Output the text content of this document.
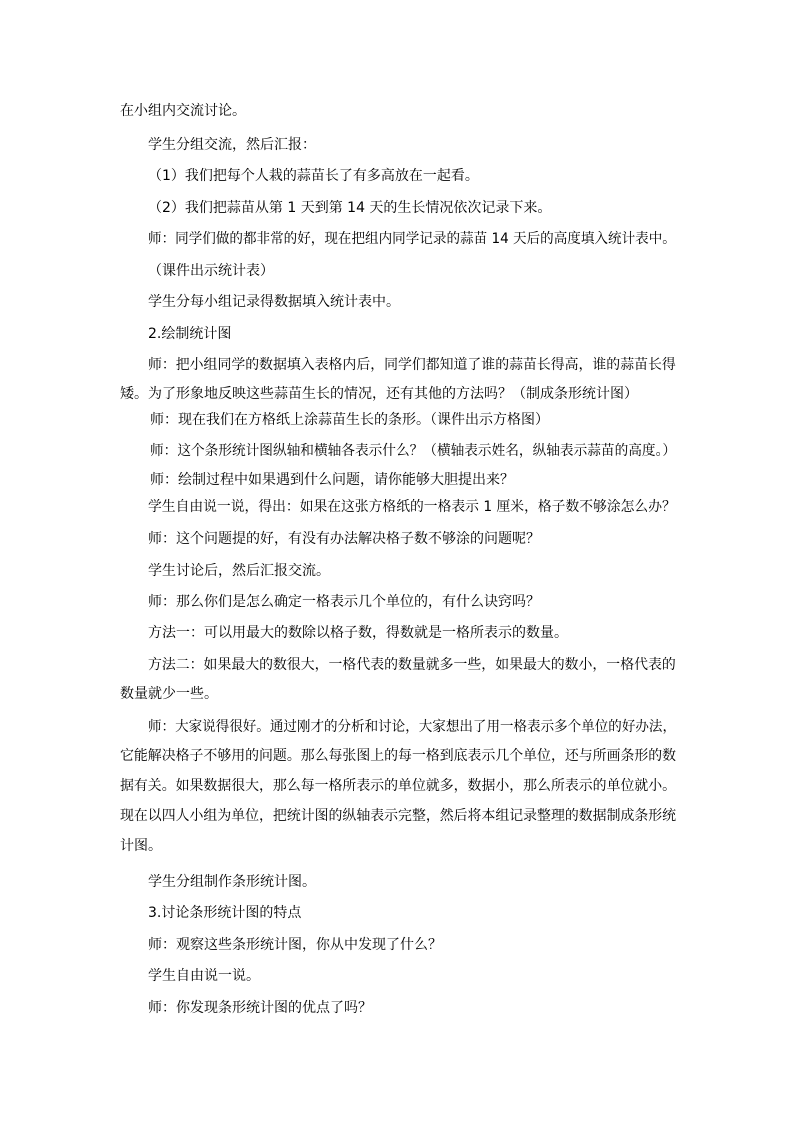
在小组内交流讨论。
学生分组交流，然后汇报：
（1）我们把每个人栽的蒜苗长了有多高放在一起看。
（2）我们把蒜苗从第 1 天到第 14 天的生长情况依次记录下来。
师：同学们做的都非常的好，现在把组内同学记录的蒜苗 14 天后的高度填入统计表中。
（课件出示统计表）
学生分每小组记录得数据填入统计表中。
2.绘制统计图
师：把小组同学的数据填入表格内后，同学们都知道了谁的蒜苗长得高，谁的蒜苗长得
矮。为了形象地反映这些蒜苗生长的情况，还有其他的方法吗？（制成条形统计图）
师：现在我们在方格纸上涂蒜苗生长的条形。（课件出示方格图）
师：这个条形统计图纵轴和横轴各表示什么？（横轴表示姓名，纵轴表示蒜苗的高度。）
师：绘制过程中如果遇到什么问题，请你能够大胆提出来？
学生自由说一说，得出：如果在这张方格纸的一格表示 1 厘米，格子数不够涂怎么办？
师：这个问题提的好，有没有办法解决格子数不够涂的问题呢？
学生讨论后，然后汇报交流。
师：那么你们是怎么确定一格表示几个单位的，有什么诀窍吗？
方法一：可以用最大的数除以格子数，得数就是一格所表示的数量。
方法二：如果最大的数很大，一格代表的数量就多一些，如果最大的数小，一格代表的
数量就少一些。
师：大家说得很好。通过刚才的分析和讨论，大家想出了用一格表示多个单位的好办法，
它能解决格子不够用的问题。那么每张图上的每一格到底表示几个单位，还与所画条形的数
据有关。如果数据很大，那么每一格所表示的单位就多，数据小，那么所表示的单位就小。
现在以四人小组为单位，把统计图的纵轴表示完整，然后将本组记录整理的数据制成条形统
计图。
学生分组制作条形统计图。
3.讨论条形统计图的特点
师：观察这些条形统计图，你从中发现了什么？
学生自由说一说。
师：你发现条形统计图的优点了吗？
